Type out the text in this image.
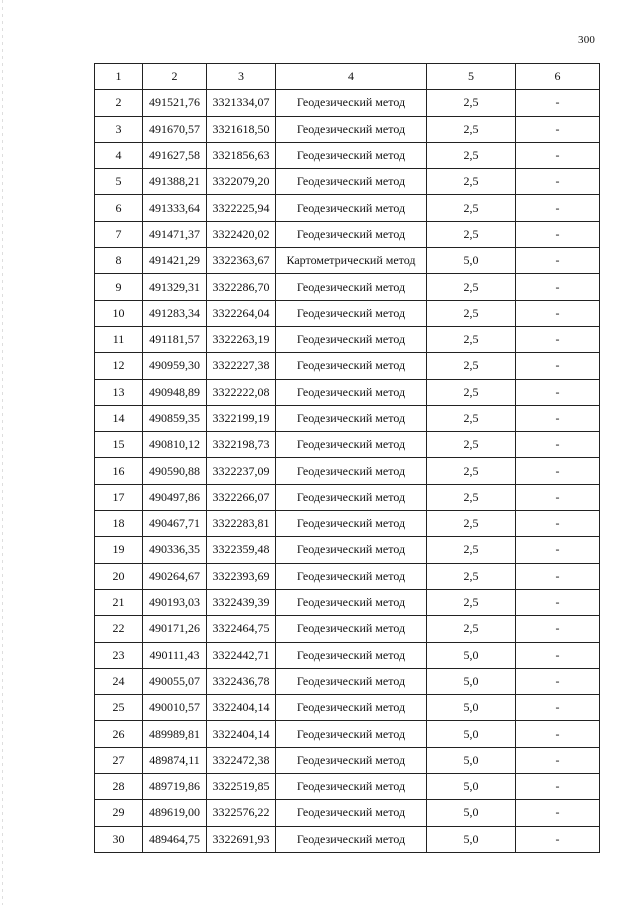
300
1	2	3	4	5	6
2	491521,76	3321334,07	Геодезический метод	2,5	-
3	491670,57	3321618,50	Геодезический метод	2,5	-
4	491627,58	3321856,63	Геодезический метод	2,5	-
5	491388,21	3322079,20	Геодезический метод	2,5	-
6	491333,64	3322225,94	Геодезический метод	2,5	-
7	491471,37	3322420,02	Геодезический метод	2,5	-
8	491421,29	3322363,67	Картометрический метод	5,0	-
9	491329,31	3322286,70	Геодезический метод	2,5	-
10	491283,34	3322264,04	Геодезический метод	2,5	-
11	491181,57	3322263,19	Геодезический метод	2,5	-
12	490959,30	3322227,38	Геодезический метод	2,5	-
13	490948,89	3322222,08	Геодезический метод	2,5	-
14	490859,35	3322199,19	Геодезический метод	2,5	-
15	490810,12	3322198,73	Геодезический метод	2,5	-
16	490590,88	3322237,09	Геодезический метод	2,5	-
17	490497,86	3322266,07	Геодезический метод	2,5	-
18	490467,71	3322283,81	Геодезический метод	2,5	-
19	490336,35	3322359,48	Геодезический метод	2,5	-
20	490264,67	3322393,69	Геодезический метод	2,5	-
21	490193,03	3322439,39	Геодезический метод	2,5	-
22	490171,26	3322464,75	Геодезический метод	2,5	-
23	490111,43	3322442,71	Геодезический метод	5,0	-
24	490055,07	3322436,78	Геодезический метод	5,0	-
25	490010,57	3322404,14	Геодезический метод	5,0	-
26	489989,81	3322404,14	Геодезический метод	5,0	-
27	489874,11	3322472,38	Геодезический метод	5,0	-
28	489719,86	3322519,85	Геодезический метод	5,0	-
29	489619,00	3322576,22	Геодезический метод	5,0	-
30	489464,75	3322691,93	Геодезический метод	5,0	-
